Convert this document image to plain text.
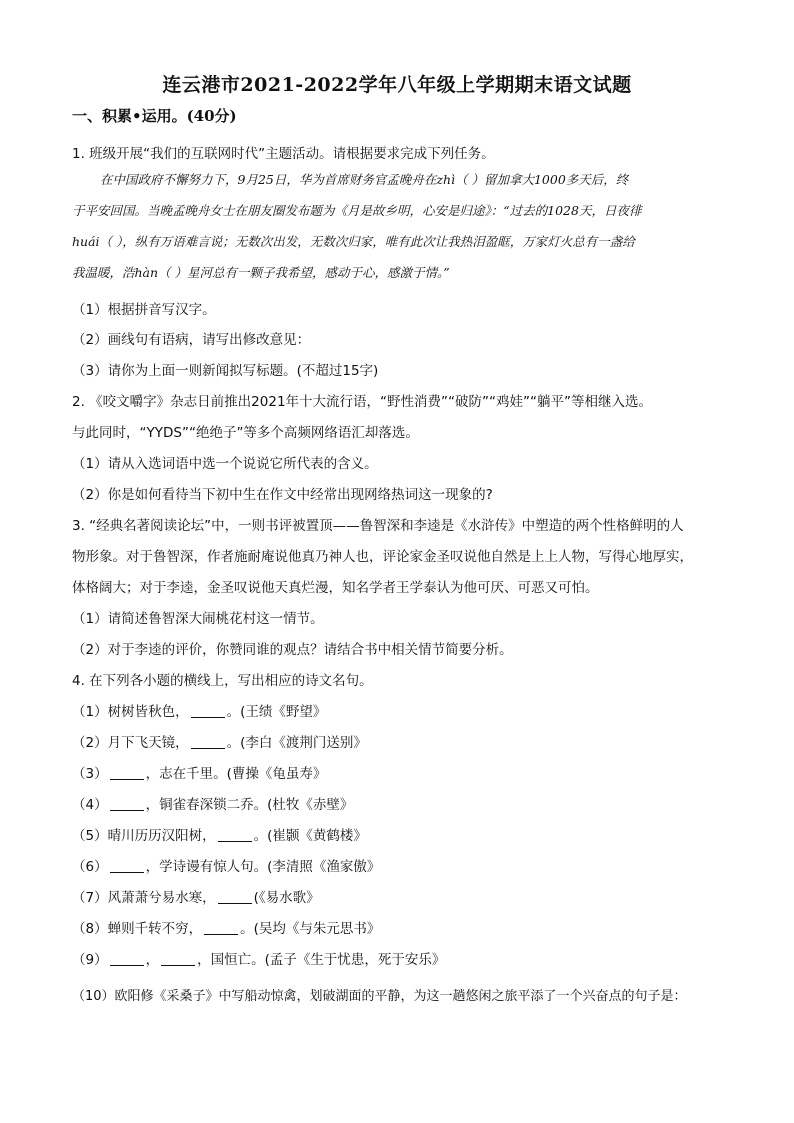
连云港市2021-2022学年八年级上学期期末语文试题
一、积累•运用。(40分)
1. 班级开展“我们的互联网时代”主题活动。请根据要求完成下列任务。
在中国政府不懈努力下，9月25日，华为首席财务官孟晚舟在zhì（ ）留加拿大1000多天后，终
于平安回国。当晚孟晚舟女士在朋友圈发布题为《月是故乡明，心安是归途》：“过去的1028天，日夜徘
huái（ ），纵有万语难言说；无数次出发，无数次归家，唯有此次让我热泪盈眶，万家灯火总有一盏给
我温暖，浩hàn（ ）星河总有一颗子我希望，感动于心，感激于情。”
（1）根据拼音写汉字。
（2）画线句有语病，请写出修改意见：
（3）请你为上面一则新闻拟写标题。(不超过15字)
2. 《咬文嚼字》杂志日前推出2021年十大流行语，“野性消费”“破防”“鸡娃”“躺平”等相继入选。
与此同时，“YYDS”“绝绝子”等多个高频网络语汇却落选。
（1）请从入选词语中选一个说说它所代表的含义。
（2）你是如何看待当下初中生在作文中经常出现网络热词这一现象的?
3. “经典名著阅读论坛”中，一则书评被置顶——鲁智深和李逵是《水浒传》中塑造的两个性格鲜明的人
物形象。对于鲁智深，作者施耐庵说他真乃神人也，评论家金圣叹说他自然是上上人物，写得心地厚实，
体格阔大；对于李逵，金圣叹说他天真烂漫，知名学者王学泰认为他可厌、可恶又可怕。
（1）请简述鲁智深大闹桃花村这一情节。
（2）对于李逵的评价，你赞同谁的观点？请结合书中相关情节简要分析。
4. 在下列各小题的横线上，写出相应的诗文名句。
（1）树树皆秋色，	。(王绩《野望》
（2）月下飞天镜，	。(李白《渡荆门送别》
（3）	，志在千里。(曹操《龟虽寿》
（4）	，铜雀春深锁二乔。(杜牧《赤壁》
（5）晴川历历汉阳树，	。(崔颢《黄鹤楼》
（6）	，学诗谩有惊人句。(李清照《渔家傲》
（7）风萧萧兮易水寒，	(《易水歌》
（8）蝉则千转不穷，	。(吴均《与朱元思书》
（9）	，	，国恒亡。(孟子《生于忧患，死于安乐》
（10）欧阳修《采桑子》中写船动惊禽，划破湖面的平静，为这一趟悠闲之旅平添了一个兴奋点的句子是：
